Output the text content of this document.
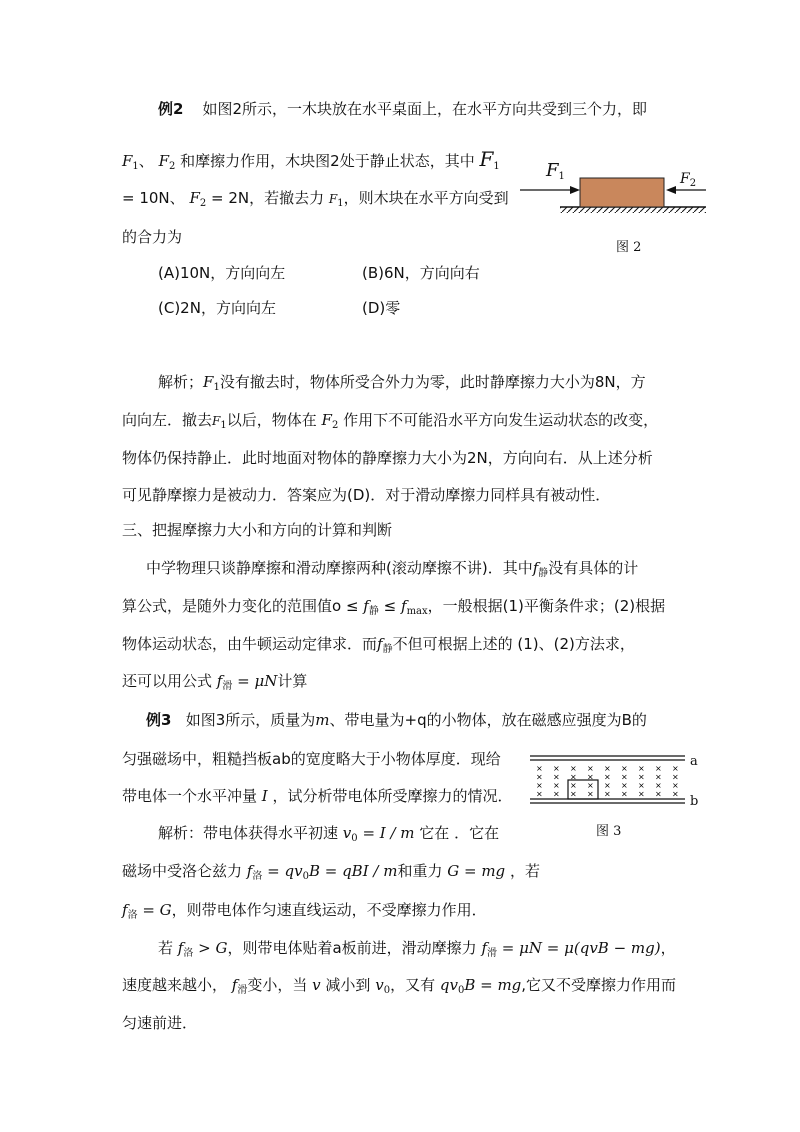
例2 如图2所示，一木块放在水平桌面上，在水平方向共受到三个力，即
$F_1$、 $F_2$ 和摩擦力作用，木块图2处于静止状态，其中 $F_1$
= 10N、 $F_2 = 2N$，若撤去力 $F_1$，则木块在水平方向受到
的合力为
(A)10N，方向向左	(B)6N，方向向右
(C)2N，方向向左	(D)零
$F_1$	$F_2$
图 2
解析；$F_1$没有撤去时，物体所受合外力为零，此时静摩擦力大小为8N，方
向向左．撤去$F_1$以后，物体在 $F_2$ 作用下不可能沿水平方向发生运动状态的改变，
物体仍保持静止．此时地面对物体的静摩擦力大小为2N，方向向右．从上述分析
可见静摩擦力是被动力．答案应为(D)．对于滑动摩擦力同样具有被动性．
三、把握摩擦力大小和方向的计算和判断
中学物理只谈静摩擦和滑动摩擦两种(滚动摩擦不讲)．其中$f_静$没有具体的计
算公式，是随外力变化的范围值$o \le f_静 \le f_{max}$，一般根据(1)平衡条件求；(2)根据
物体运动状态，由牛顿运动定律求．而$f_静$不但可根据上述的 (1)、(2)方法求，
还可以用公式 $f_滑 = \mu N$计算
例3 如图3所示，质量为m、带电量为+q的小物体，放在磁感应强度为B的
匀强磁场中，粗糙挡板ab的宽度略大于小物体厚度．现给
带电体一个水平冲量 I ，试分析带电体所受摩擦力的情况．
× × × × × × × × ×
× × × × × × × × ×
× × × × × × × × ×
× × × × × × × × ×
a
b
图 3
解析：带电体获得水平初速 $v_0 = I / m$ 它在 ．它在
磁场中受洛仑兹力 $f_洛 = qv_0B$ = qBI / m和重力 G = mg ，若
$f_洛 = G$，则带电体作匀速直线运动，不受摩擦力作用．
若 $f_洛 > G$，则带电体贴着a板前进，滑动摩擦力 $f_滑 = \mu N = \mu(qvB - mg)$，
速度越来越小， $f_滑$变小，当 v 减小到 $v_0$，又有 $qv_0B$ = mg,它又不受摩擦力作用而
匀速前进．
